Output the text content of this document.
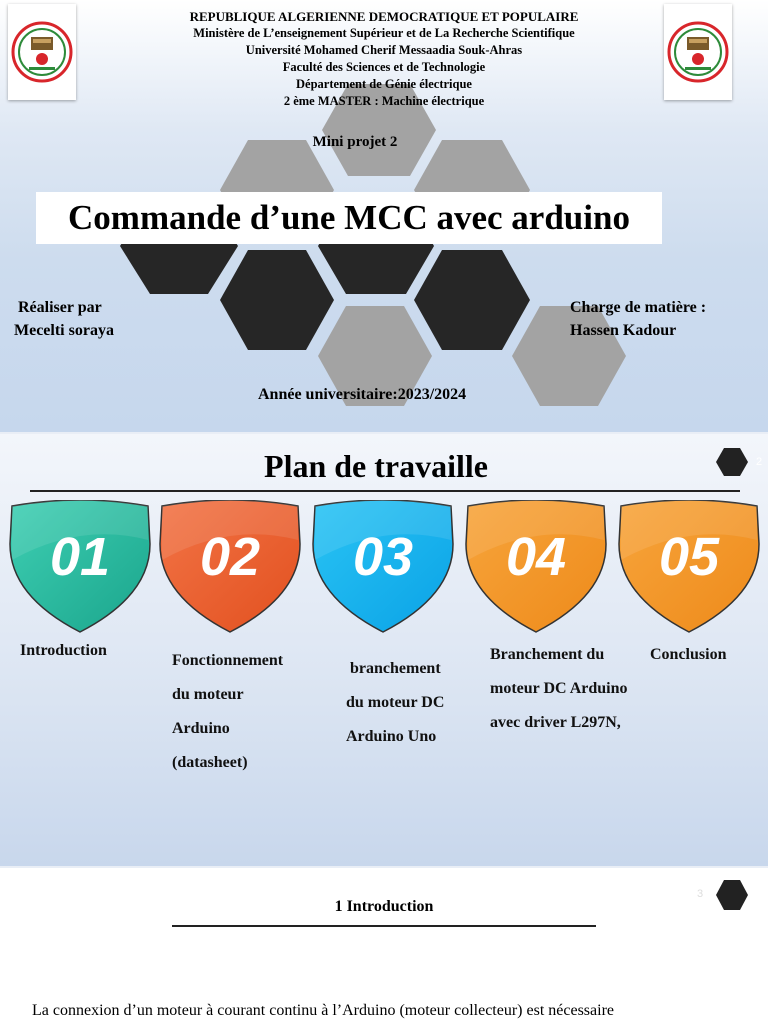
REPUBLIQUE ALGERIENNE DEMOCRATIQUE ET POPULAIRE
Ministère de L’enseignement Supérieur et de La Recherche Scientifique
Université Mohamed Cherif Messaadia Souk-Ahras
Faculté des Sciences et de Technologie
Département de Génie électrique
2 ème MASTER : Machine électrique
Mini projet 2
Commande d’une MCC avec arduino
Réaliser par
Mecelti soraya
Charge de matière :
Hassen Kadour
Année universitaire:2023/2024
Plan de travaille	2
01	02	03	04	05
Introduction
Fonctionnement
du moteur
Arduino
(datasheet)
branchement
du moteur DC
Arduino Uno
Branchement du
moteur DC Arduino
avec driver L297N,
Conclusion
3
1 Introduction
La connexion d’un moteur à courant continu à l’Arduino (moteur collecteur) est nécessaire
